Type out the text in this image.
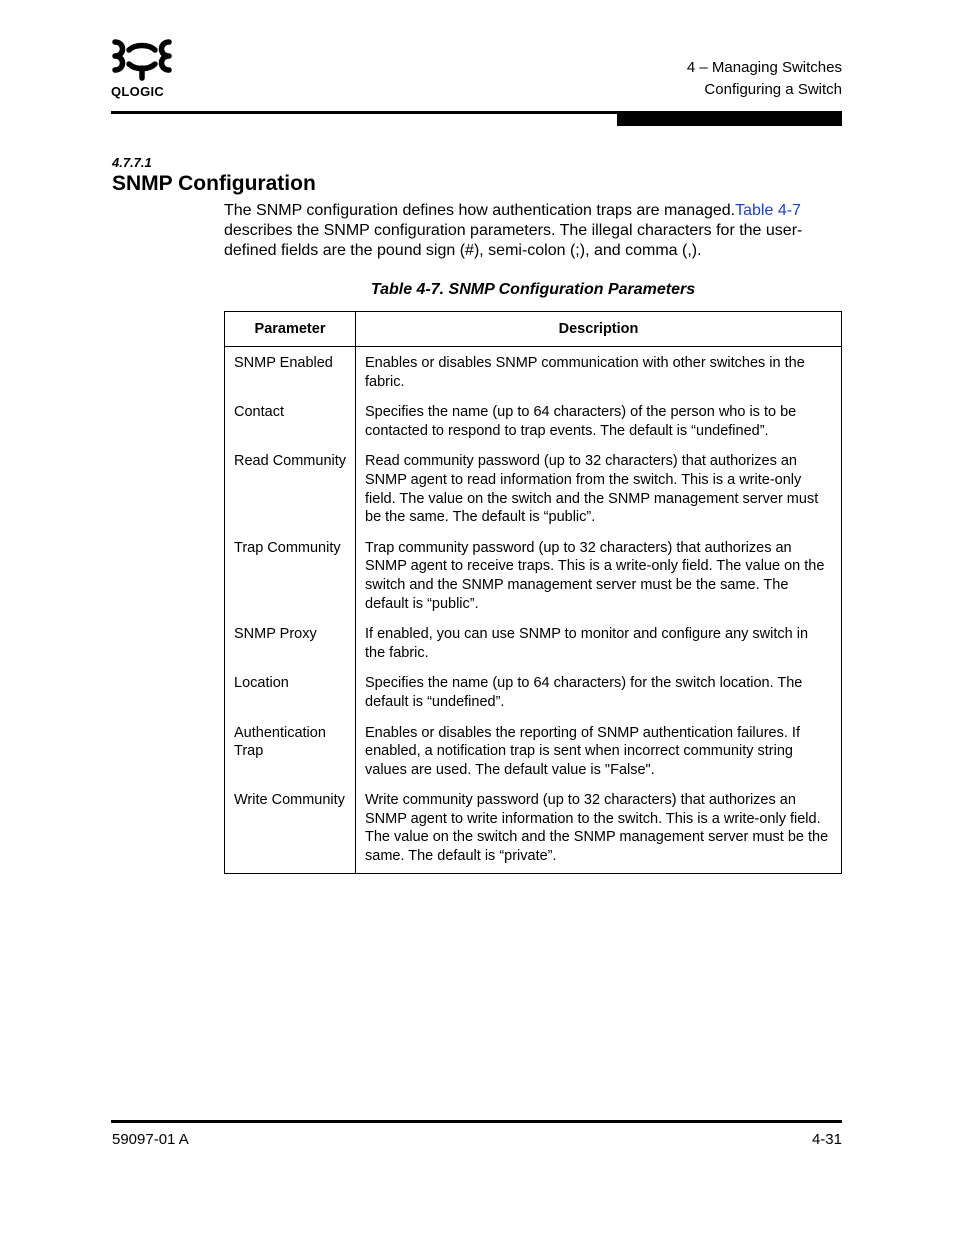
QLOGIC
4 – Managing Switches
Configuring a Switch
4.7.7.1
SNMP Configuration
The SNMP configuration defines how authentication traps are managed.Table 4-7 describes the SNMP configuration parameters. The illegal characters for the user-defined fields are the pound sign (#), semi-colon (;), and comma (,).
Table 4-7. SNMP Configuration Parameters
Parameter	Description
SNMP Enabled	Enables or disables SNMP communication with other switches in the fabric.
Contact	Specifies the name (up to 64 characters) of the person who is to be contacted to respond to trap events. The default is “undefined”.
Read Community	Read community password (up to 32 characters) that authorizes an SNMP agent to read information from the switch. This is a write-only field. The value on the switch and the SNMP management server must be the same. The default is “public”.
Trap Community	Trap community password (up to 32 characters) that authorizes an SNMP agent to receive traps. This is a write-only field. The value on the switch and the SNMP management server must be the same. The default is “public”.
SNMP Proxy	If enabled, you can use SNMP to monitor and configure any switch in the fabric.
Location	Specifies the name (up to 64 characters) for the switch location. The default is “undefined”.
Authentication Trap	Enables or disables the reporting of SNMP authentication failures. If enabled, a notification trap is sent when incorrect community string values are used. The default value is "False".
Write Community	Write community password (up to 32 characters) that authorizes an SNMP agent to write information to the switch. This is a write-only field. The value on the switch and the SNMP management server must be the same. The default is “private”.
59097-01 A	4-31
